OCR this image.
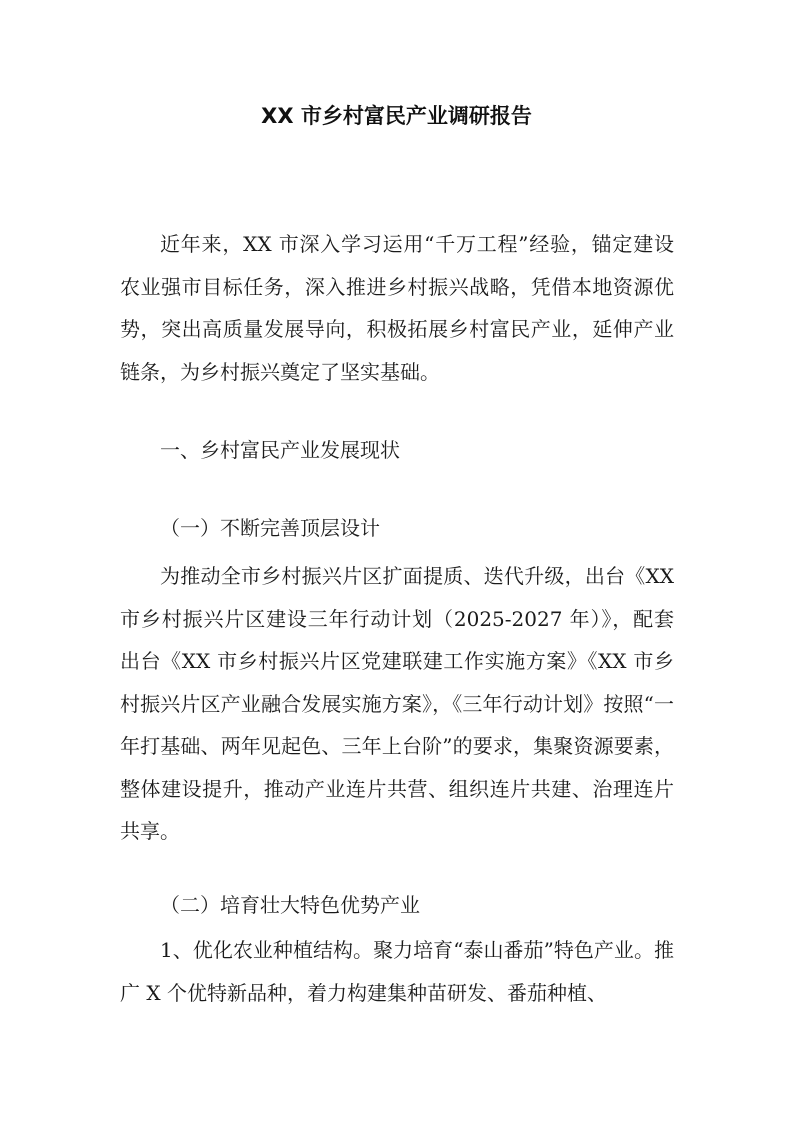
XX 市乡村富民产业调研报告
近年来，XX 市深入学习运用“千万工程”经验，锚定建设农业强市目标任务，深入推进乡村振兴战略，凭借本地资源优势，突出高质量发展导向，积极拓展乡村富民产业，延伸产业链条，为乡村振兴奠定了坚实基础。
一、乡村富民产业发展现状
（一）不断完善顶层设计
为推动全市乡村振兴片区扩面提质、迭代升级，出台《XX 市乡村振兴片区建设三年行动计划（2025-2027 年）》，配套出台《XX 市乡村振兴片区党建联建工作实施方案》《XX 市乡村振兴片区产业融合发展实施方案》，《三年行动计划》按照“一年打基础、两年见起色、三年上台阶”的要求，集聚资源要素，整体建设提升，推动产业连片共营、组织连片共建、治理连片共享。
（二）培育壮大特色优势产业
1、优化农业种植结构。聚力培育“泰山番茄”特色产业。推广 X 个优特新品种，着力构建集种苗研发、番茄种植、
